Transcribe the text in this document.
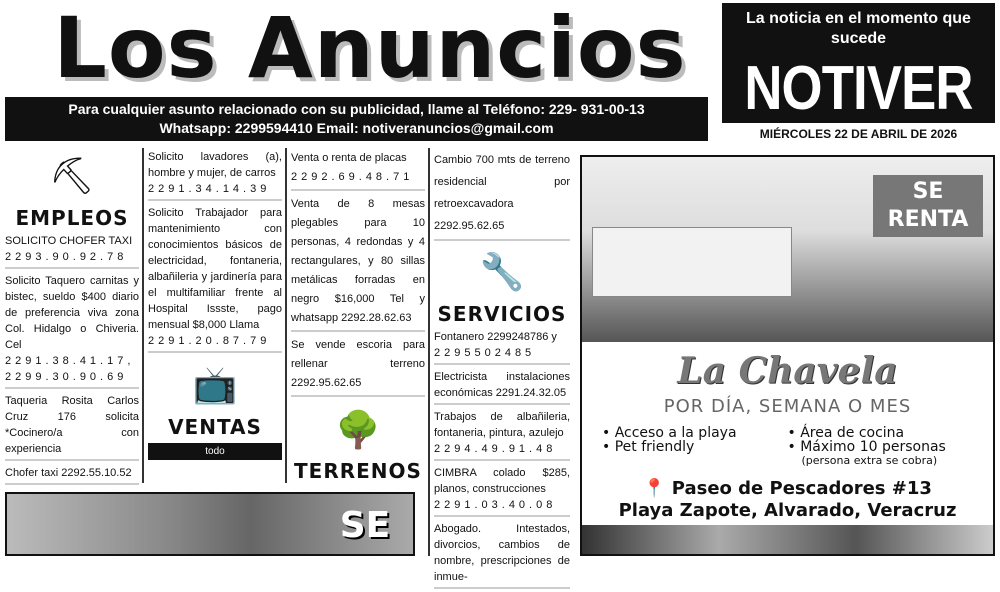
Los Anuncios
Para cualquier asunto relacionado con su publicidad, llame al Teléfono: 229- 931-00-13
Whatsapp: 2299594410 Email: notiveranuncios@gmail.com
La noticia en el momento que sucede
NOTIVER
MIÉRCOLES 22 DE ABRIL DE 2026
⛏
EMPLEOS
SOLICITO CHOFER TAXI
2293.90.92.78
Solicito Taquero carnitas y bistec, sueldo $400 diario de preferencia viva zona Col. Hidalgo o Chiveria. Cel
2291.38.41.17, 2299.30.90.69
Taqueria Rosita Carlos Cruz 176 solicita *Cocinero/a con experiencia
Chofer taxi 2292.55.10.52
Solicito lavadores (a), hombre y mujer, de carros
2291.34.14.39
Solicito Trabajador para mantenimiento con conocimientos básicos de electricidad, fontaneria, albañileria y jardinería para el multifamiliar frente al Hospital Issste, pago mensual $8,000 Llama
2291.20.87.79
📺
VENTAS
todo
Venta o renta de placas
2292.69.48.71
Venta de 8 mesas plegables para 10 personas, 4 redondas y 4 rectangulares, y 80 sillas metálicas forradas en negro $16,000 Tel y whatsapp 2292.28.62.63
Se vende escoria para rellenar terreno 2292.95.62.65
🌳
TERRENOS
Cambio 700 mts de terreno residencial por retroexcavadora 2292.95.62.65
🔧
SERVICIOS
Fontanero 2299248786 y
2295502485
Electricista instalaciones económicas 2291.24.32.05
Trabajos de albañileria, fontaneria, pintura, azulejo
2294.49.91.48
CIMBRA colado $285, planos, construcciones
2291.03.40.08
Abogado. Intestados, divorcios, cambios de nombre, prescripciones de inmue-
SE RENTA
La Chavela
POR DÍA, SEMANA O MES
• Acceso a la playa	• Área de cocina
• Pet friendly	• Máximo 10 personas
(persona extra se cobra)
📍 Paseo de Pescadores #13
Playa Zapote, Alvarado, Veracruz
SE
